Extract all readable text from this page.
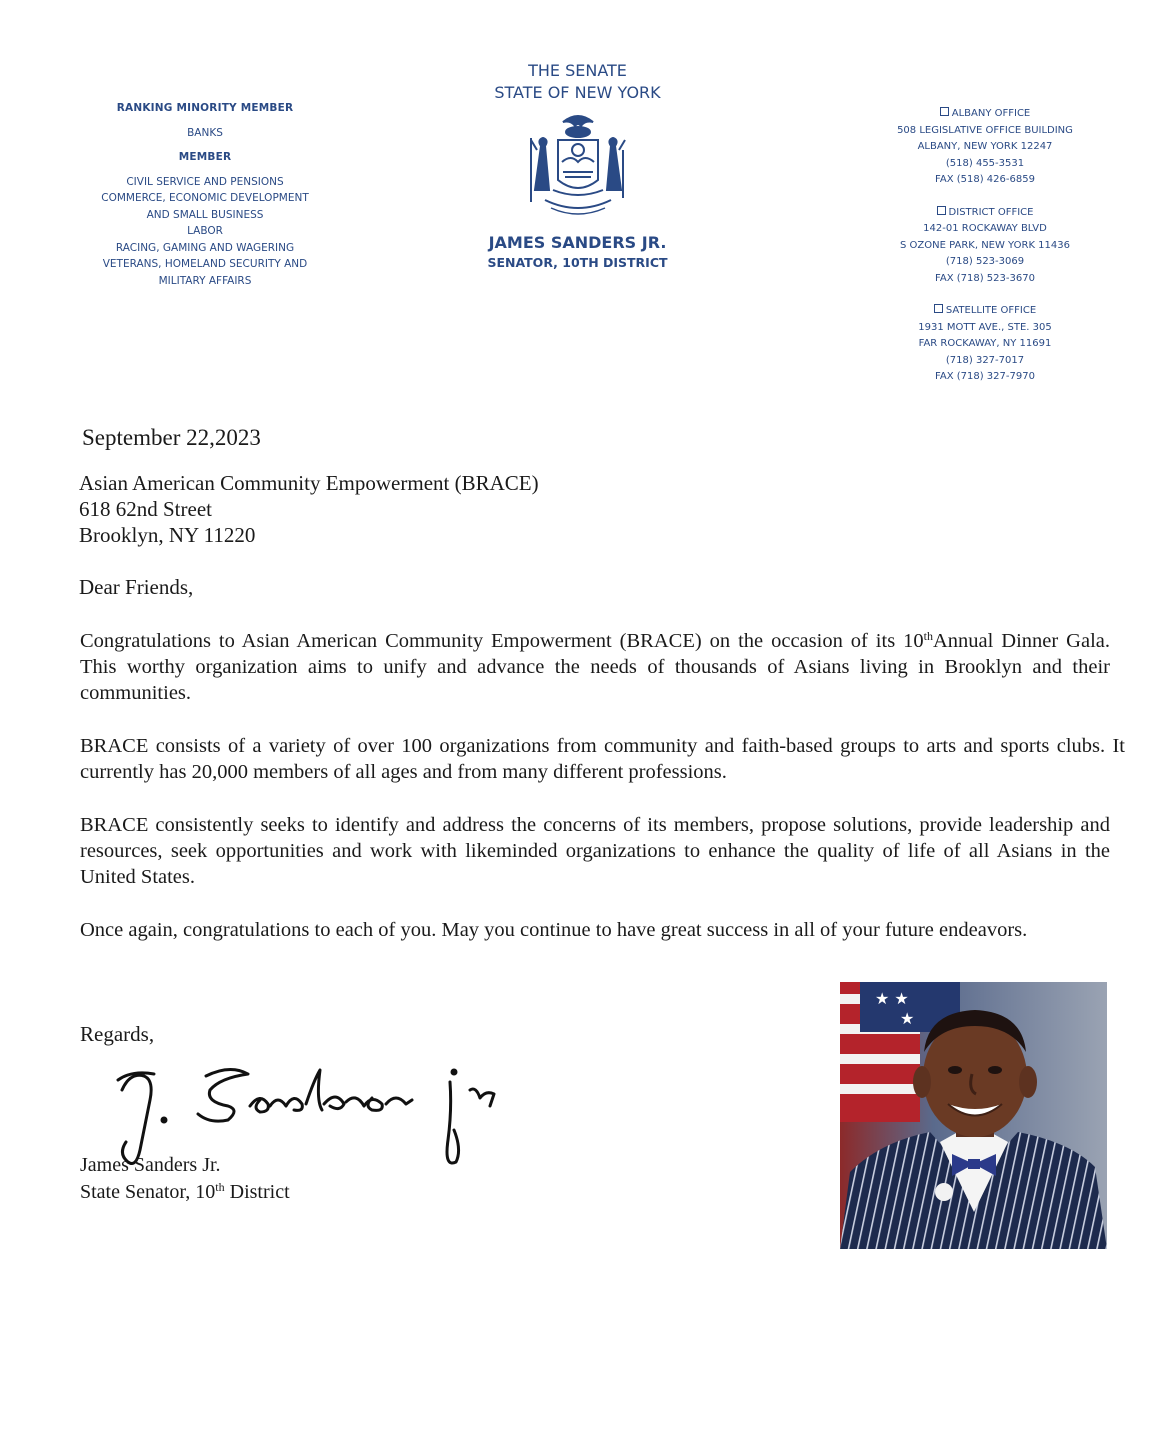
RANKING MINORITY MEMBER
BANKS
MEMBER
CIVIL SERVICE AND PENSIONS
COMMERCE, ECONOMIC DEVELOPMENT
AND SMALL BUSINESS
LABOR
RACING, GAMING AND WAGERING
VETERANS, HOMELAND SECURITY AND
MILITARY AFFAIRS
THE SENATE
STATE OF NEW YORK
JAMES SANDERS JR.
SENATOR, 10TH DISTRICT
ALBANY OFFICE
508 LEGISLATIVE OFFICE BUILDING
ALBANY, NEW YORK 12247
(518) 455-3531
FAX (518) 426-6859
DISTRICT OFFICE
142-01 ROCKAWAY BLVD
S OZONE PARK, NEW YORK 11436
(718) 523-3069
FAX (718) 523-3670
SATELLITE OFFICE
1931 MOTT AVE., STE. 305
FAR ROCKAWAY, NY 11691
(718) 327-7017
FAX (718) 327-7970
September 22,2023
Asian American Community Empowerment (BRACE)
618 62nd Street
Brooklyn, NY 11220
Dear Friends,
Congratulations to Asian American Community Empowerment (BRACE) on the occasion of its 10thAnnual Dinner Gala. This worthy organization aims to unify and advance the needs of thousands of Asians living in Brooklyn and their communities.
BRACE consists of a variety of over 100 organizations from community and faith-based groups to arts and sports clubs. It currently has 20,000 members of all ages and from many different professions.
BRACE consistently seeks to identify and address the concerns of its members, propose solutions, provide leadership and resources, seek opportunities and work with likeminded organizations to enhance the quality of life of all Asians in the United States.
Once again, congratulations to each of you. May you continue to have great success in all of your future endeavors.
Regards,
James Sanders Jr.
State Senator, 10th District
★ ★
★
